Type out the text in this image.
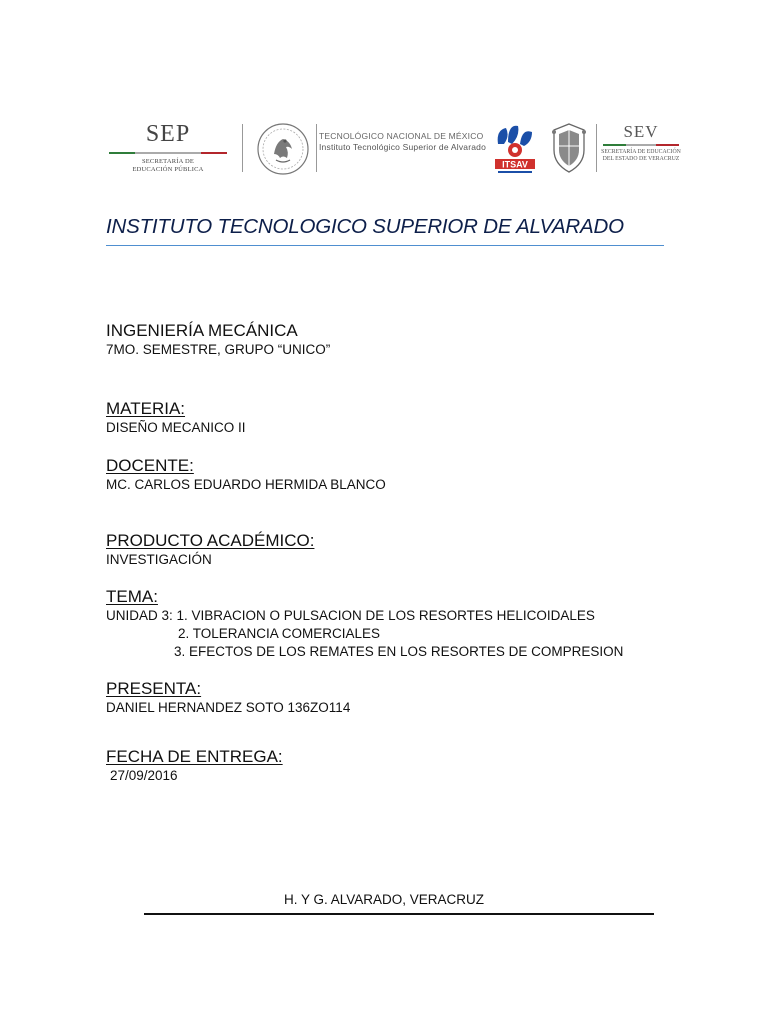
SEP
SECRETARÍA DE
EDUCACIÓN PÚBLICA
TECNOLÓGICO NACIONAL DE MÉXICO
Instituto Tecnológico Superior de Alvarado
ITSAV
SEV
SECRETARÍA DE EDUCACIÓN
DEL ESTADO DE VERACRUZ
INSTITUTO TECNOLOGICO SUPERIOR DE ALVARADO
INGENIERÍA MECÁNICA
7MO. SEMESTRE, GRUPO “UNICO”
MATERIA:
DISEÑO MECANICO II
DOCENTE:
MC. CARLOS EDUARDO HERMIDA BLANCO
PRODUCTO ACADÉMICO:
INVESTIGACIÓN
TEMA:
UNIDAD 3: 1. VIBRACION O PULSACION DE LOS RESORTES HELICOIDALES
2. TOLERANCIA COMERCIALES
3. EFECTOS DE LOS REMATES EN LOS RESORTES DE COMPRESION
PRESENTA:
DANIEL HERNANDEZ SOTO 136ZO114
FECHA DE ENTREGA:
27/09/2016
H. Y G. ALVARADO, VERACRUZ
